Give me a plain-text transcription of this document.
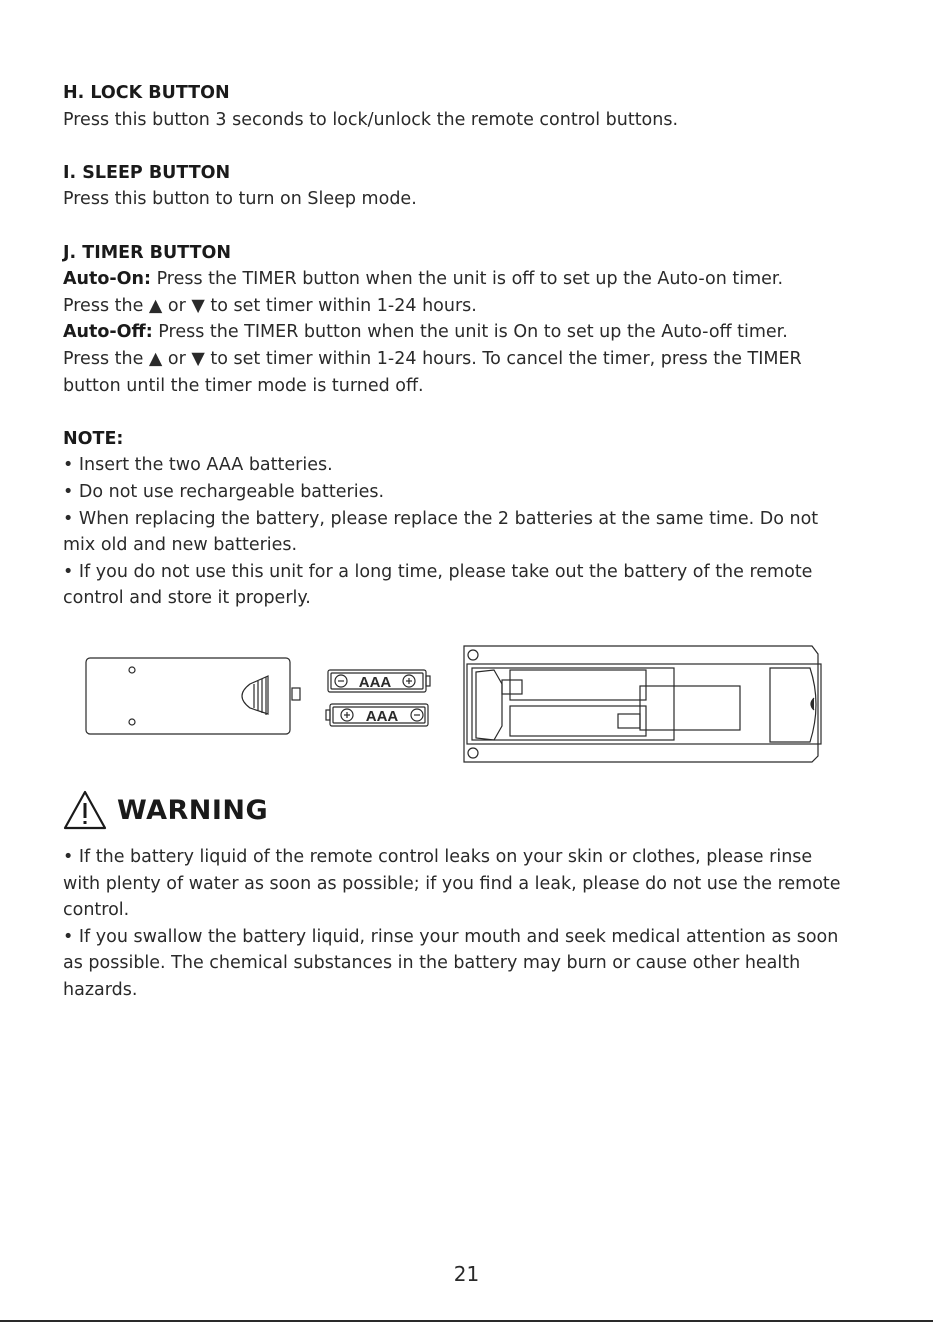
H. LOCK BUTTON

Press this button 3 seconds to lock/unlock the remote control buttons.

I. SLEEP BUTTON

Press this button to turn on Sleep mode.

J. TIMER BUTTON

Auto-On: Press the TIMER button when the unit is off to set up the Auto-on timer.

Press the ▲ or ▼ to set timer within 1-24 hours.

Auto-Off: Press the TIMER button when the unit is On to set up the Auto-off timer.

Press the ▲ or ▼ to set timer within 1-24 hours. To cancel the timer, press the TIMER

button until the timer mode is turned off.

NOTE:

• Insert the two AAA batteries.

• Do not use rechargeable batteries.

• When replacing the battery, please replace the 2 batteries at the same time. Do not

mix old and new batteries.

• If you do not use this unit for a long time, please take out the battery of the remote

control and store it properly.

AAA
AAA
WARNING

• If the battery liquid of the remote control leaks on your skin or clothes, please rinse

with plenty of water as soon as possible; if you find a leak, please do not use the remote

control.

• If you swallow the battery liquid, rinse your mouth and seek medical attention as soon

as possible. The chemical substances in the battery may burn or cause other health

hazards.

21
